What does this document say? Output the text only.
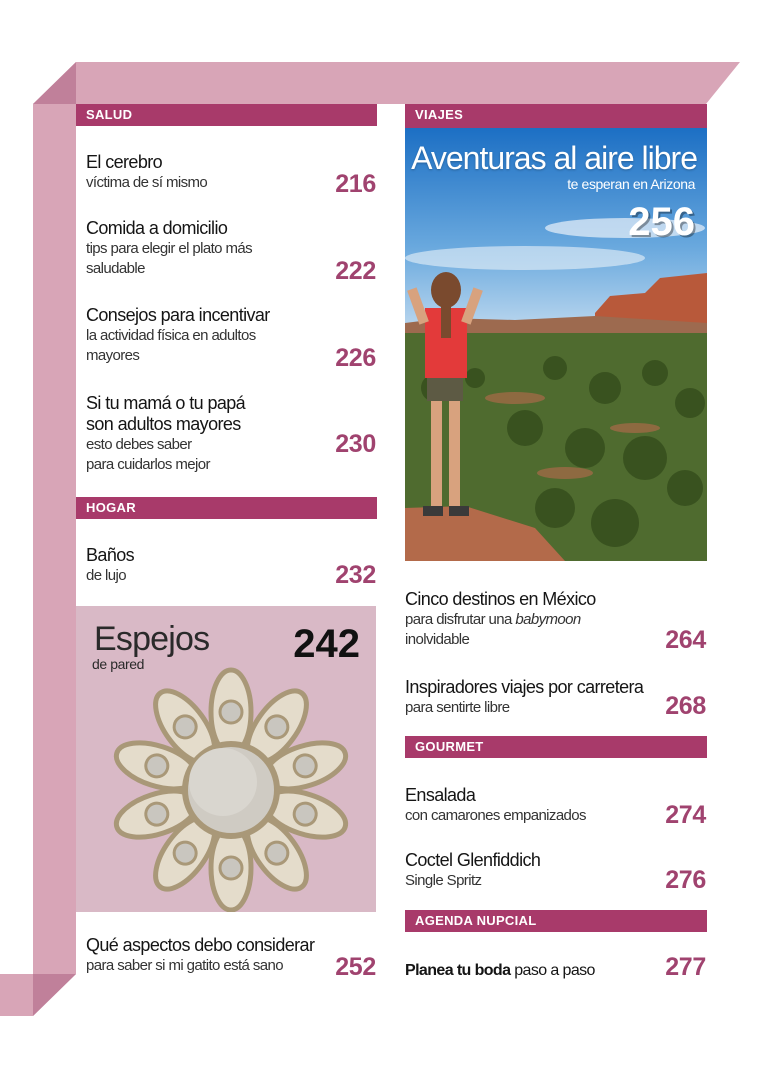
SALUD
El cerebro
víctima de sí mismo	216
Comida a domicilio
tips para elegir el plato más
saludable	222
Consejos para incentivar
la actividad física en adultos
mayores	226
Si tu mamá o tu papá
son adultos mayores
esto debes saber
para cuidarlos mejor
230
HOGAR
Baños
de lujo	232
Espejos
de pared	242
Qué aspectos debo considerar
para saber si mi gatito está sano	252
VIAJES
Aventuras al aire libre
te esperan en Arizona
256
Cinco destinos en México
para disfrutar una babymoon
inolvidable	264
Inspiradores viajes por carretera
para sentirte libre	268
GOURMET
Ensalada
con camarones empanizados	274
Coctel Glenfiddich
Single Spritz	276
AGENDA NUPCIAL
Planea tu boda paso a paso	277
